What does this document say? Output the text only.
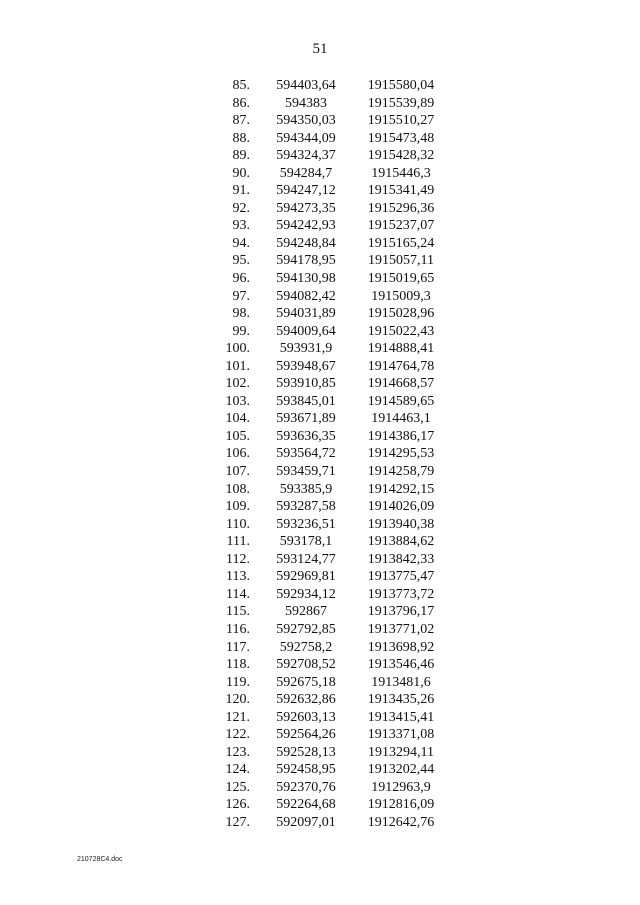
51
85.	594403,64	1915580,04
86.	594383	1915539,89
87.	594350,03	1915510,27
88.	594344,09	1915473,48
89.	594324,37	1915428,32
90.	594284,7	1915446,3
91.	594247,12	1915341,49
92.	594273,35	1915296,36
93.	594242,93	1915237,07
94.	594248,84	1915165,24
95.	594178,95	1915057,11
96.	594130,98	1915019,65
97.	594082,42	1915009,3
98.	594031,89	1915028,96
99.	594009,64	1915022,43
100.	593931,9	1914888,41
101.	593948,67	1914764,78
102.	593910,85	1914668,57
103.	593845,01	1914589,65
104.	593671,89	1914463,1
105.	593636,35	1914386,17
106.	593564,72	1914295,53
107.	593459,71	1914258,79
108.	593385,9	1914292,15
109.	593287,58	1914026,09
110.	593236,51	1913940,38
111.	593178,1	1913884,62
112.	593124,77	1913842,33
113.	592969,81	1913775,47
114.	592934,12	1913773,72
115.	592867	1913796,17
116.	592792,85	1913771,02
117.	592758,2	1913698,92
118.	592708,52	1913546,46
119.	592675,18	1913481,6
120.	592632,86	1913435,26
121.	592603,13	1913415,41
122.	592564,26	1913371,08
123.	592528,13	1913294,11
124.	592458,95	1913202,44
125.	592370,76	1912963,9
126.	592264,68	1912816,09
127.	592097,01	1912642,76
210728C4.doc
